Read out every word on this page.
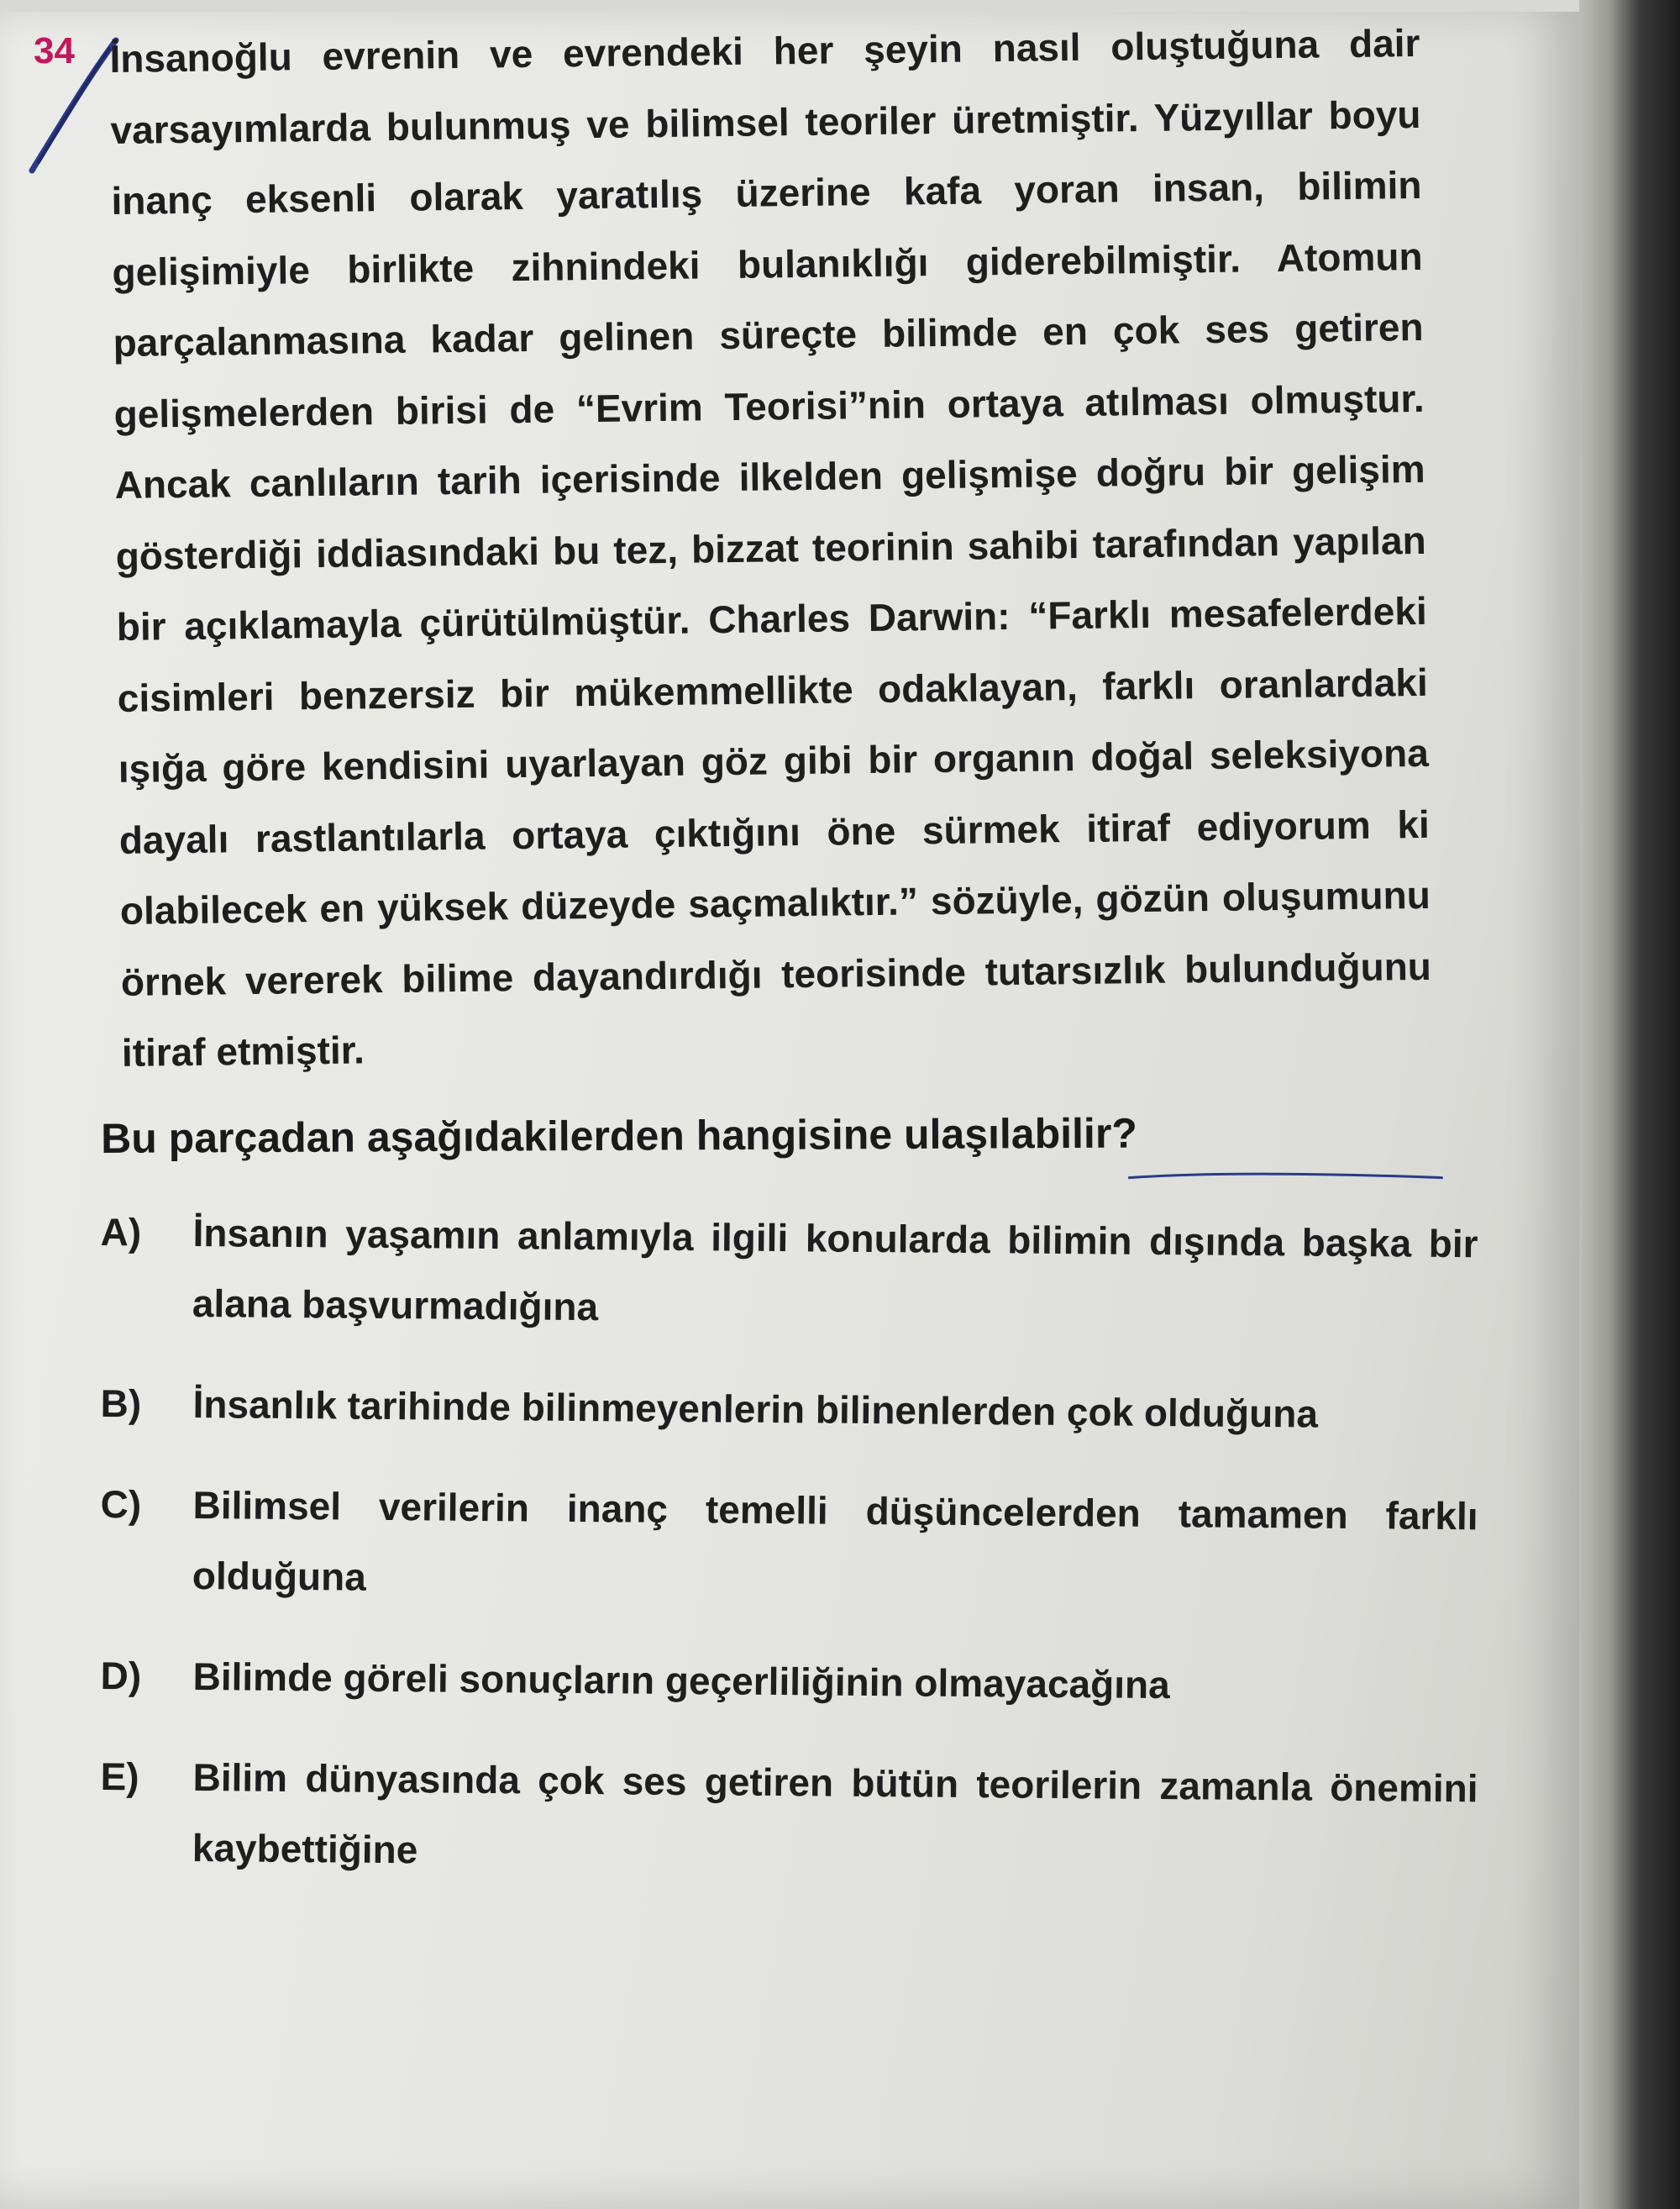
34 İnsanoğlu evrenin ve evrendeki her şeyin nasıl oluştuğuna dair varsayımlarda bulunmuş ve bilimsel teoriler üretmiştir. Yüzyıllar boyu inanç eksenli olarak yaratılış üzerine kafa yoran insan, bilimin gelişimiyle birlikte zihnindeki bulanıklığı giderebilmiştir. Atomun parçalanmasına kadar gelinen süreçte bilimde en çok ses getiren gelişmelerden birisi de “Evrim Teorisi”nin ortaya atılması olmuştur. Ancak canlıların tarih içerisinde ilkelden gelişmişe doğru bir gelişim gösterdiği iddiasındaki bu tez, bizzat teorinin sahibi tarafından yapılan bir açıklamayla çürütülmüştür. Charles Darwin: “Farklı mesafelerdeki cisimleri benzersiz bir mükemmellikte odaklayan, farklı oranlardaki ışığa göre kendisini uyarlayan göz gibi bir organın doğal seleksiyona dayalı rastlantılarla ortaya çıktığını öne sürmek itiraf ediyorum ki olabilecek en yüksek düzeyde saçmalıktır.” sözüyle, gözün oluşumunu örnek vererek bilime dayandırdığı teorisinde tutarsızlık bulunduğunu itiraf etmiştir.
Bu parçadan aşağıdakilerden hangisine ulaşılabilir?
A)	İnsanın yaşamın anlamıyla ilgili konularda bilimin dışında başka bir alana başvurmadığına
B)	İnsanlık tarihinde bilinmeyenlerin bilinenlerden çok olduğuna
C)	Bilimsel verilerin inanç temelli düşüncelerden tamamen farklı olduğuna
D)	Bilimde göreli sonuçların geçerliliğinin olmayacağına
E)	Bilim dünyasında çok ses getiren bütün teorilerin zamanla önemini kaybettiğine
